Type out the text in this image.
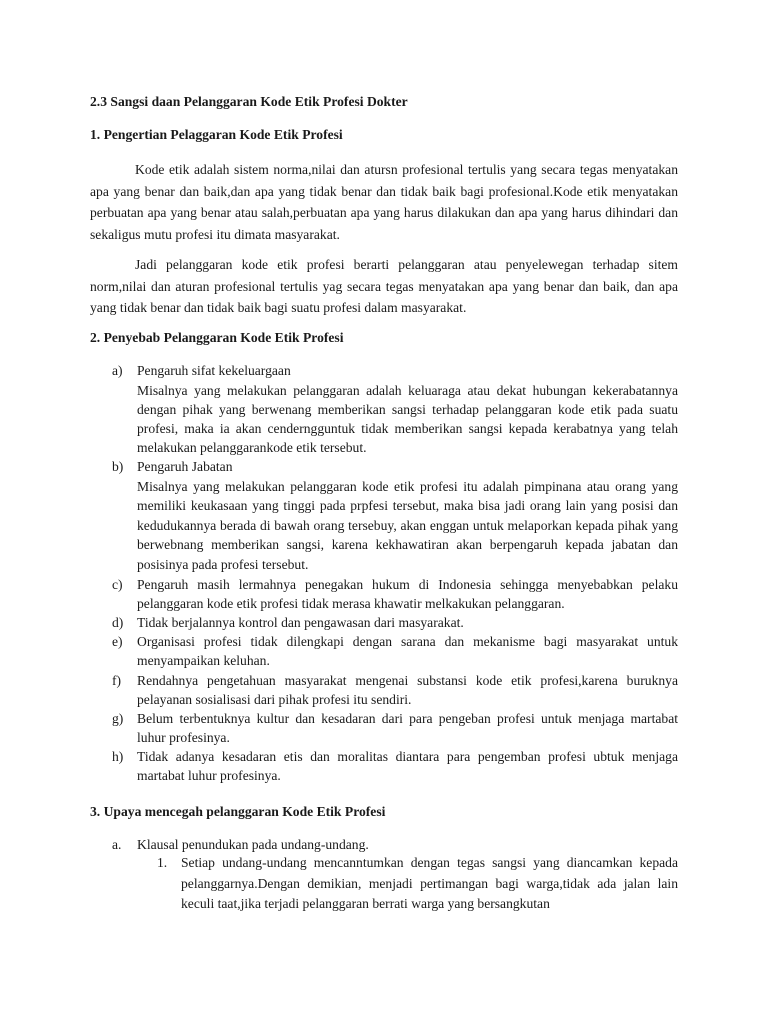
2.3 Sangsi daan Pelanggaran Kode Etik Profesi Dokter
1. Pengertian Pelaggaran Kode Etik Profesi
Kode etik adalah sistem norma,nilai dan atursn profesional tertulis yang secara tegas menyatakan apa yang benar dan baik,dan apa yang tidak benar dan tidak baik bagi profesional.Kode etik menyatakan perbuatan apa yang benar atau salah,perbuatan apa yang harus dilakukan dan apa yang harus dihindari dan sekaligus mutu profesi itu dimata masyarakat.
Jadi pelanggaran kode etik profesi berarti pelanggaran atau penyelewegan terhadap sitem norm,nilai dan aturan profesional tertulis yag secara tegas menyatakan apa yang benar dan baik, dan apa yang tidak benar dan tidak baik bagi suatu profesi dalam masyarakat.
2. Penyebab Pelanggaran Kode Etik Profesi
a) Pengaruh sifat kekeluargaan
Misalnya yang melakukan pelanggaran adalah keluaraga atau dekat hubungan kekerabatannya dengan pihak yang berwenang memberikan sangsi terhadap pelanggaran kode etik pada suatu profesi, maka ia akan cenderngguntuk tidak memberikan sangsi kepada kerabatnya yang telah melakukan pelanggarankode etik tersebut.
b) Pengaruh Jabatan
Misalnya yang melakukan pelanggaran kode etik profesi itu adalah pimpinana atau orang yang memiliki keukasaan yang tinggi pada prpfesi tersebut, maka bisa jadi orang lain yang posisi dan kedudukannya berada di bawah orang tersebuy, akan enggan untuk melaporkan kepada pihak yang berwebnang memberikan sangsi, karena kekhawatiran akan berpengaruh kepada jabatan dan posisinya pada profesi tersebut.
c) Pengaruh masih lermahnya penegakan hukum di Indonesia sehingga menyebabkan pelaku pelanggaran kode etik profesi tidak merasa khawatir melkakukan pelanggaran.
d) Tidak berjalannya kontrol dan pengawasan dari masyarakat.
e) Organisasi profesi tidak dilengkapi dengan sarana dan mekanisme bagi masyarakat untuk menyampaikan keluhan.
f) Rendahnya pengetahuan masyarakat mengenai substansi kode etik profesi,karena buruknya pelayanan sosialisasi dari pihak profesi itu sendiri.
g) Belum terbentuknya kultur dan kesadaran dari para pengeban profesi untuk menjaga martabat luhur profesinya.
h) Tidak adanya kesadaran etis dan moralitas diantara para pengemban profesi ubtuk menjaga martabat luhur profesinya.
3. Upaya mencegah pelanggaran Kode Etik Profesi
a. Klausal penundukan pada undang-undang.
1. Setiap undang-undang mencanntumkan dengan tegas sangsi yang diancamkan kepada pelanggarnya.Dengan demikian, menjadi pertimangan bagi warga,tidak ada jalan lain keculi taat,jika terjadi pelanggaran berrati warga yang bersangkutan
